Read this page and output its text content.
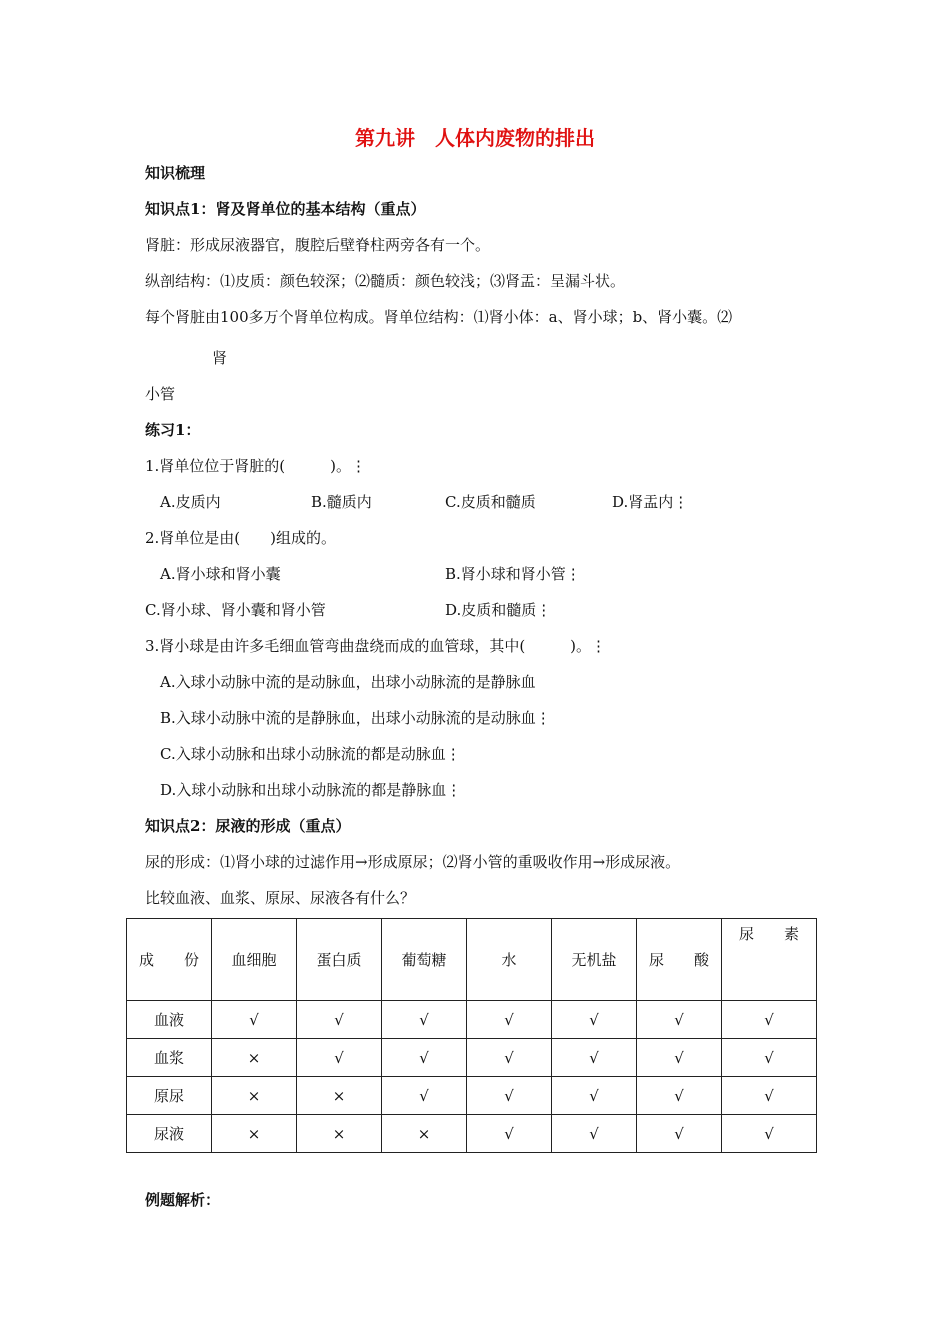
第九讲　人体内废物的排出
知识梳理
知识点1：肾及肾单位的基本结构（重点）
肾脏：形成尿液器官，腹腔后壁脊柱两旁各有一个。
纵剖结构：⑴皮质：颜色较深；⑵髓质：颜色较浅；⑶肾盂：呈漏斗状。
每个肾脏由100多万个肾单位构成。肾单位结构：⑴肾小体：a、肾小球；b、肾小囊。⑵
肾
小管
练习1：
1.肾单位位于肾脏的(　　　)。⋮
A.皮质内	B.髓质内	C.皮质和髓质	D.肾盂内⋮
2.肾单位是由(　　)组成的。
A.肾小球和肾小囊	B.肾小球和肾小管⋮
C.肾小球、肾小囊和肾小管	D.皮质和髓质⋮
3.肾小球是由许多毛细血管弯曲盘绕而成的血管球，其中(　　　)。⋮
A.入球小动脉中流的是动脉血，出球小动脉流的是静脉血
B.入球小动脉中流的是静脉血，出球小动脉流的是动脉血⋮
C.入球小动脉和出球小动脉流的都是动脉血⋮
D.入球小动脉和出球小动脉流的都是静脉血⋮
知识点2：尿液的形成（重点）
尿的形成：⑴肾小球的过滤作用→形成原尿；⑵肾小管的重吸收作用→形成尿液。
比较血液、血浆、原尿、尿液各有什么？
成　　份	血细胞	蛋白质	葡萄糖	水	无机盐	尿　　酸	尿　　素
血液	√	√	√	√	√	√	√
血浆	×	√	√	√	√	√	√
原尿	×	×	√	√	√	√	√
尿液	×	×	×	√	√	√	√
例题解析：
